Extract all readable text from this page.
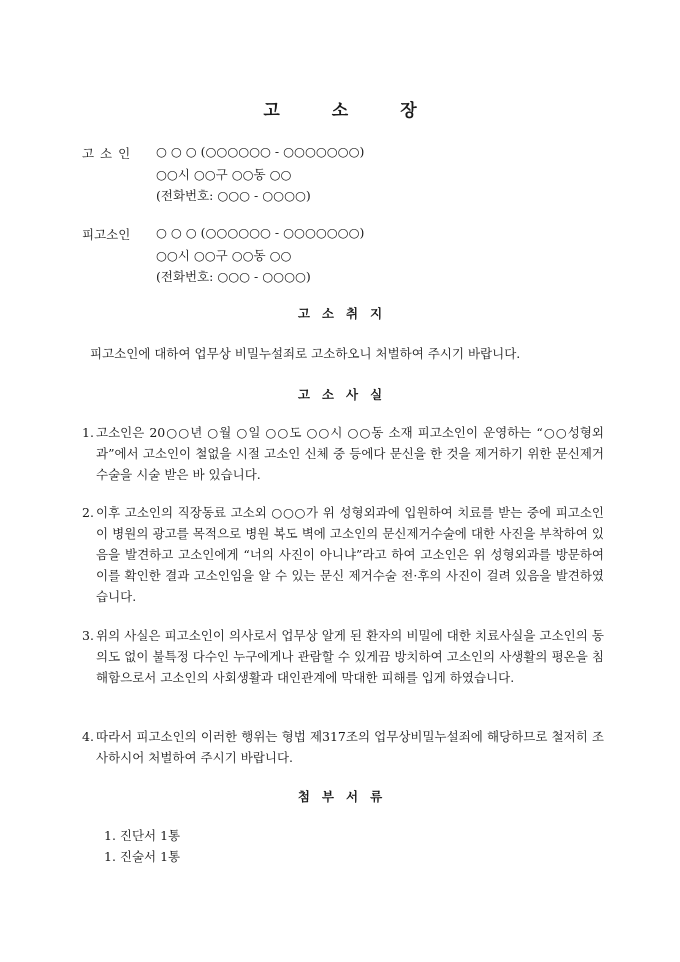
고	소	장
고 소 인	○ ○ ○ (○○○○○○ - ○○○○○○○)
○○시 ○○구 ○○동 ○○
(전화번호: ○○○ - ○○○○)
피고소인	○ ○ ○ (○○○○○○ - ○○○○○○○)
○○시 ○○구 ○○동 ○○
(전화번호: ○○○ - ○○○○)
고 소 취 지
피고소인에 대하여 업무상 비밀누설죄로 고소하오니 처벌하여 주시기 바랍니다.
고 소 사 실
1. 고소인은 20○○년 ○월 ○일 ○○도 ○○시 ○○동 소재 피고소인이 운영하는 “○○성형외과”에서 고소인이 철없을 시절 고소인 신체 중 등에다 문신을 한 것을 제거하기 위한 문신제거수술을 시술 받은 바 있습니다.
2. 이후 고소인의 직장동료 고소외 ○○○가 위 성형외과에 입원하여 치료를 받는 중에 피고소인이 병원의 광고를 목적으로 병원 복도 벽에 고소인의 문신제거수술에 대한 사진을 부착하여 있음을 발견하고 고소인에게 “너의 사진이 아니냐”라고 하여 고소인은 위 성형외과를 방문하여 이를 확인한 결과 고소인임을 알 수 있는 문신 제거수술 전·후의 사진이 걸려 있음을 발견하였습니다.
3. 위의 사실은 피고소인이 의사로서 업무상 알게 된 환자의 비밀에 대한 치료사실을 고소인의 동의도 없이 불특정 다수인 누구에게나 관람할 수 있게끔 방치하여 고소인의 사생활의 평온을 침해함으로서 고소인의 사회생활과 대인관계에 막대한 피해를 입게 하였습니다.
4. 따라서 피고소인의 이러한 행위는 형법 제317조의 업무상비밀누설죄에 해당하므로 철저히 조사하시어 처벌하여 주시기 바랍니다.
첨 부 서 류
1. 진단서 1통
1. 진술서 1통
